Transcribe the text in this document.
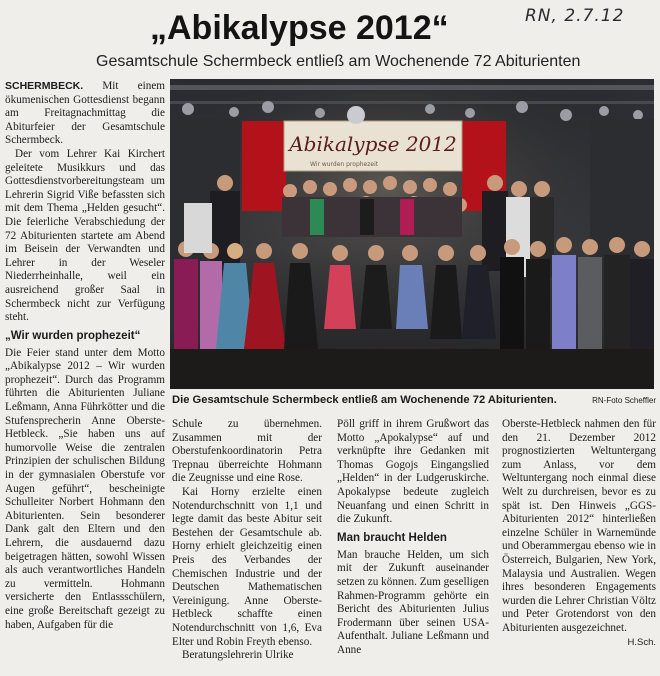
RN, 2.7.12
„Abikalypse 2012“
Gesamtschule Schermbeck entließ am Wochenende 72 Abiturienten

SCHERMBECK. Mit einem ökumenischen Gottesdienst begann am Freitagnachmittag die Abiturfeier der Gesamtschule Schermbeck.

Der vom Lehrer Kai Kirchert geleitete Musikkurs und das Gottesdienstvorbereitungsteam um Lehrerin Sigrid Viße befassten sich mit dem Thema „Helden gesucht“. Die feierliche Verabschiedung der 72 Abiturienten startete am Abend im Beisein der Verwandten und Lehrer in der Weseler Niederrheinhalle, weil ein ausreichend großer Saal in Schermbeck nicht zur Verfügung steht.

„Wir wurden prophezeit“

Die Feier stand unter dem Motto „Abikalypse 2012 – Wir wurden prophezeit“. Durch das Programm führten die Abiturienten Juliane Leßmann, Anna Führkötter und die Stufensprecherin Anne Oberste-Hetbleck. „Sie haben uns auf humorvolle Weise die zentralen Prinzipien der schulischen Bildung in der gymnasialen Oberstufe vor Augen geführt“, bescheinigte Schulleiter Norbert Hohmann den Abiturienten. Sein besonderer Dank galt den Eltern und den Lehrern, die ausdauernd dazu beigetragen hätten, sowohl Wissen als auch verantwortliches Handeln zu vermitteln. Hohmann versicherte den Entlassschülern, eine große Bereitschaft gezeigt zu haben, Aufgaben für die

Abikalypse 2012
Wir wurden prophezeit
Die Gesamtschule Schermbeck entließ am Wochenende 72 Abiturienten.	RN-Foto Scheffler

Schule zu übernehmen. Zusammen mit der Oberstufenkoordinatorin Petra Trepnau überreichte Hohmann die Zeugnisse und eine Rose.

Kai Horny erzielte einen Notendurchschnitt von 1,1 und legte damit das beste Abitur seit Bestehen der Gesamtschule ab. Horny erhielt gleichzeitig einen Preis des Verbandes der Chemischen Industrie und der Deutschen Mathematischen Vereinigung. Anne Oberste-Hetbleck schaffte einen Notendurchschnitt von 1,6, Eva Elter und Robin Freyth ebenso.

Beratungslehrerin Ulrike

Pöll griff in ihrem Grußwort das Motto „Apokalypse“ auf und verknüpfte ihre Gedanken mit Thomas Gogojs Eingangslied „Helden“ in der Ludgeruskirche. Apokalypse bedeute zugleich Neuanfang und einen Schritt in die Zukunft.

Man braucht Helden

Man brauche Helden, um sich mit der Zukunft auseinander setzen zu können. Zum geselligen Rahmen-Programm gehörte ein Bericht des Abiturienten Julius Frodermann über seinen USA-Aufenthalt. Juliane Leßmann und Anne

Oberste-Hetbleck nahmen den für den 21. Dezember 2012 prognostizierten Weltuntergang zum Anlass, vor dem Weltuntergang noch einmal diese Welt zu durchreisen, bevor es zu spät ist. Den Hinweis „GGS-Abiturienten 2012“ hinterließen einzelne Schüler in Warnemünde und Oberammergau ebenso wie in Österreich, Bulgarien, New York, Malaysia und Australien. Wegen ihres besonderen Engagements wurden die Lehrer Christian Völtz und Peter Grotendorst von den Abiturienten ausgezeichnet.

H.Sch.
